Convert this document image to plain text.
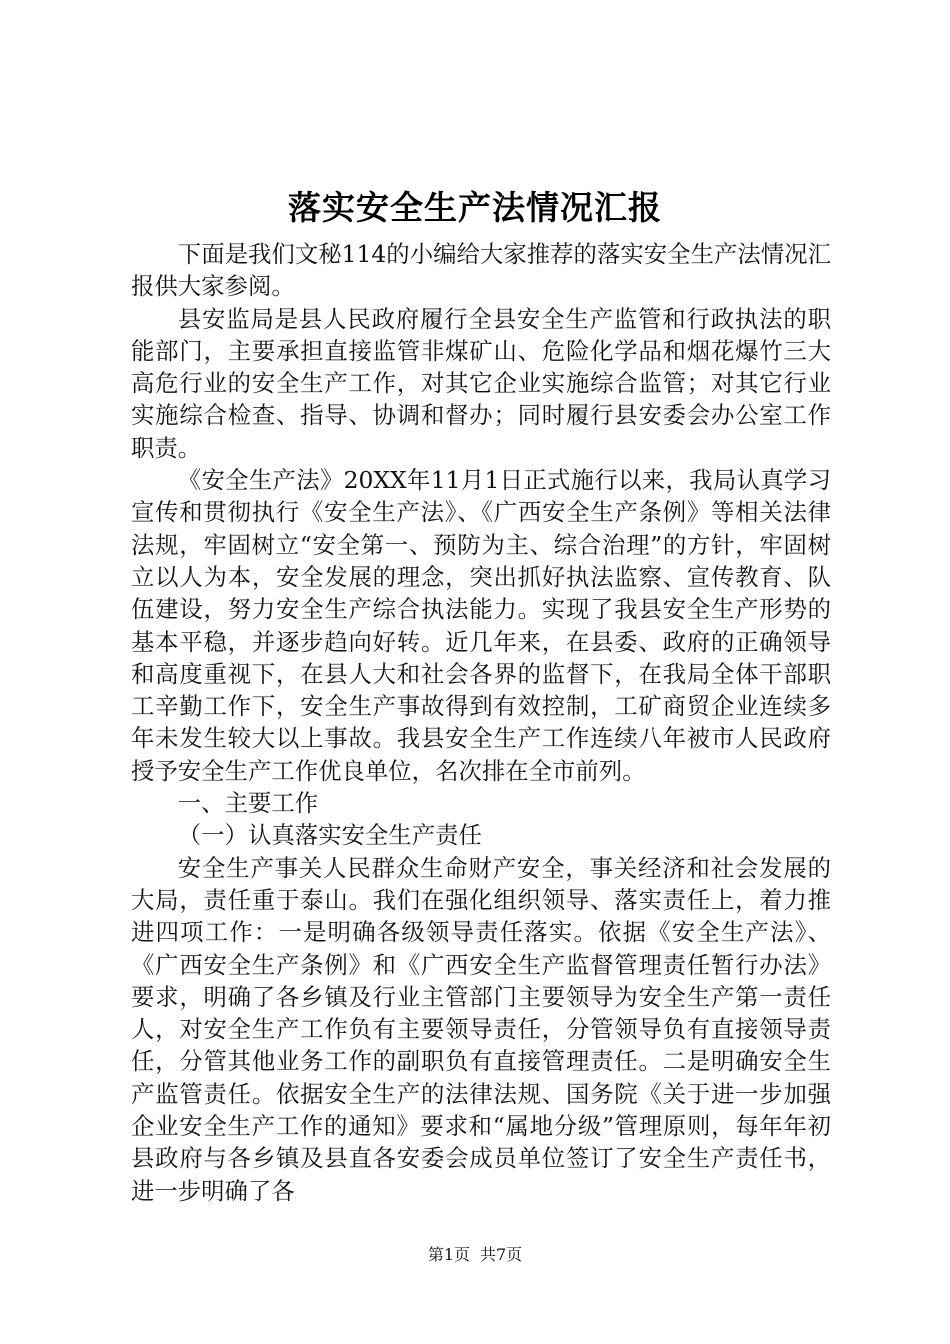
落实安全生产法情况汇报

下面是我们文秘114的小编给大家推荐的落实安全生产法情况汇报供大家参阅。

县安监局是县人民政府履行全县安全生产监管和行政执法的职能部门，主要承担直接监管非煤矿山、危险化学品和烟花爆竹三大高危行业的安全生产工作，对其它企业实施综合监管；对其它行业实施综合检查、指导、协调和督办；同时履行县安委会办公室工作职责。

《安全生产法》20XX年11月1日正式施行以来，我局认真学习宣传和贯彻执行《安全生产法》、《广西安全生产条例》等相关法律法规，牢固树立“安全第一、预防为主、综合治理”的方针，牢固树立以人为本，安全发展的理念，突出抓好执法监察、宣传教育、队伍建设，努力安全生产综合执法能力。实现了我县安全生产形势的基本平稳，并逐步趋向好转。近几年来，在县委、政府的正确领导和高度重视下，在县人大和社会各界的监督下，在我局全体干部职工辛勤工作下，安全生产事故得到有效控制，工矿商贸企业连续多年未发生较大以上事故。我县安全生产工作连续八年被市人民政府授予安全生产工作优良单位，名次排在全市前列。

一、主要工作

（一）认真落实安全生产责任

安全生产事关人民群众生命财产安全，事关经济和社会发展的大局，责任重于泰山。我们在强化组织领导、落实责任上，着力推进四项工作：一是明确各级领导责任落实。依据《安全生产法》、《广西安全生产条例》和《广西安全生产监督管理责任暂行办法》要求，明确了各乡镇及行业主管部门主要领导为安全生产第一责任人，对安全生产工作负有主要领导责任，分管领导负有直接领导责任，分管其他业务工作的副职负有直接管理责任。二是明确安全生产监管责任。依据安全生产的法律法规、国务院《关于进一步加强企业安全生产工作的通知》要求和“属地分级”管理原则，每年年初县政府与各乡镇及县直各安委会成员单位签订了安全生产责任书，进一步明确了各

第1页 共7页
